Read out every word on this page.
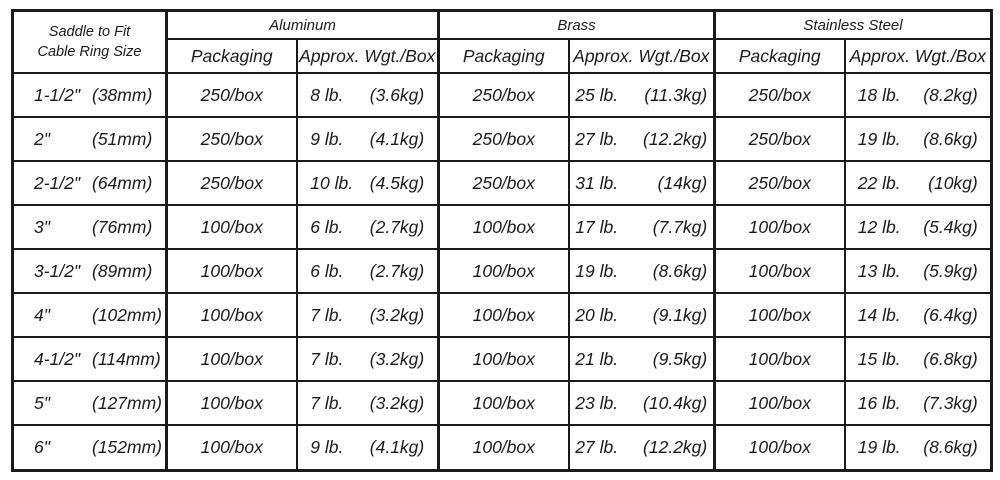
Saddle to Fit
Cable Ring Size	Aluminum		Brass		Stainless Steel	
	Packaging	Approx. Wgt./Box	Packaging	Approx. Wgt./Box	Packaging	Approx. Wgt./Box
1-1/2" (38mm)	250/box	8 lb. (3.6kg)	250/box	25 lb. (11.3kg)	250/box	18 lb. (8.2kg)
2" (51mm)	250/box	9 lb. (4.1kg)	250/box	27 lb. (12.2kg)	250/box	19 lb. (8.6kg)
2-1/2" (64mm)	250/box	10 lb. (4.5kg)	250/box	31 lb. (14kg)	250/box	22 lb. (10kg)
3" (76mm)	100/box	6 lb. (2.7kg)	100/box	17 lb. (7.7kg)	100/box	12 lb. (5.4kg)
3-1/2" (89mm)	100/box	6 lb. (2.7kg)	100/box	19 lb. (8.6kg)	100/box	13 lb. (5.9kg)
4" (102mm)	100/box	7 lb. (3.2kg)	100/box	20 lb. (9.1kg)	100/box	14 lb. (6.4kg)
4-1/2" (114mm)	100/box	7 lb. (3.2kg)	100/box	21 lb. (9.5kg)	100/box	15 lb. (6.8kg)
5" (127mm)	100/box	7 lb. (3.2kg)	100/box	23 lb. (10.4kg)	100/box	16 lb. (7.3kg)
6" (152mm)	100/box	9 lb. (4.1kg)	100/box	27 lb. (12.2kg)	100/box	19 lb. (8.6kg)
